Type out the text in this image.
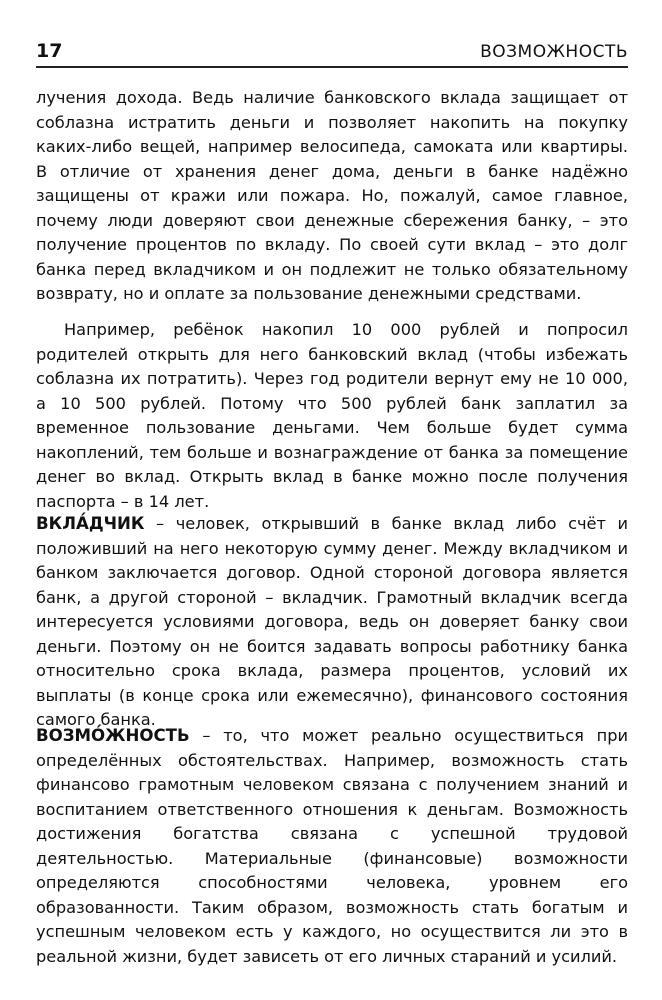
17	ВОЗМОЖНОСТЬ

лучения дохода. Ведь наличие банковского вклада защищает от соблазна истратить деньги и позволяет накопить на покупку каких-либо вещей, например велосипеда, самоката или квартиры. В отличие от хранения денег дома, деньги в банке надёжно защищены от кражи или пожара. Но, пожалуй, самое главное, почему люди доверяют свои денежные сбережения банку, – это получение процентов по вкладу. По своей сути вклад – это долг банка перед вкладчиком и он подлежит не только обязательному возврату, но и оплате за пользование денежными средствами.

Например, ребёнок накопил 10 000 рублей и попросил родителей открыть для него банковский вклад (чтобы избежать соблазна их потратить). Через год родители вернут ему не 10 000, а 10 500 рублей. Потому что 500 рублей банк заплатил за временное пользование деньгами. Чем больше будет сумма накоплений, тем больше и вознаграждение от банка за помещение денег во вклад. Открыть вклад в банке можно после получения паспорта – в 14 лет.

ВКЛА́ДЧИК – человек, открывший в банке вклад либо счёт и положивший на него некоторую сумму денег. Между вкладчиком и банком заключается договор. Одной стороной договора является банк, а другой стороной – вкладчик. Грамотный вкладчик всегда интересуется условиями договора, ведь он доверяет банку свои деньги. Поэтому он не боится задавать вопросы работнику банка относительно срока вклада, размера процентов, условий их выплаты (в конце срока или ежемесячно), финансового состояния самого банка.

ВОЗМО́ЖНОСТЬ – то, что может реально осуществиться при определённых обстоятельствах. Например, возможность стать финансово грамотным человеком связана с получением знаний и воспитанием ответственного отношения к деньгам. Возможность достижения богатства связана с успешной трудовой деятельностью. Материальные (финансовые) возможности определяются способностями человека, уровнем его образованности. Таким образом, возможность стать богатым и успешным человеком есть у каждого, но осуществится ли это в реальной жизни, будет зависеть от его личных стараний и усилий.
